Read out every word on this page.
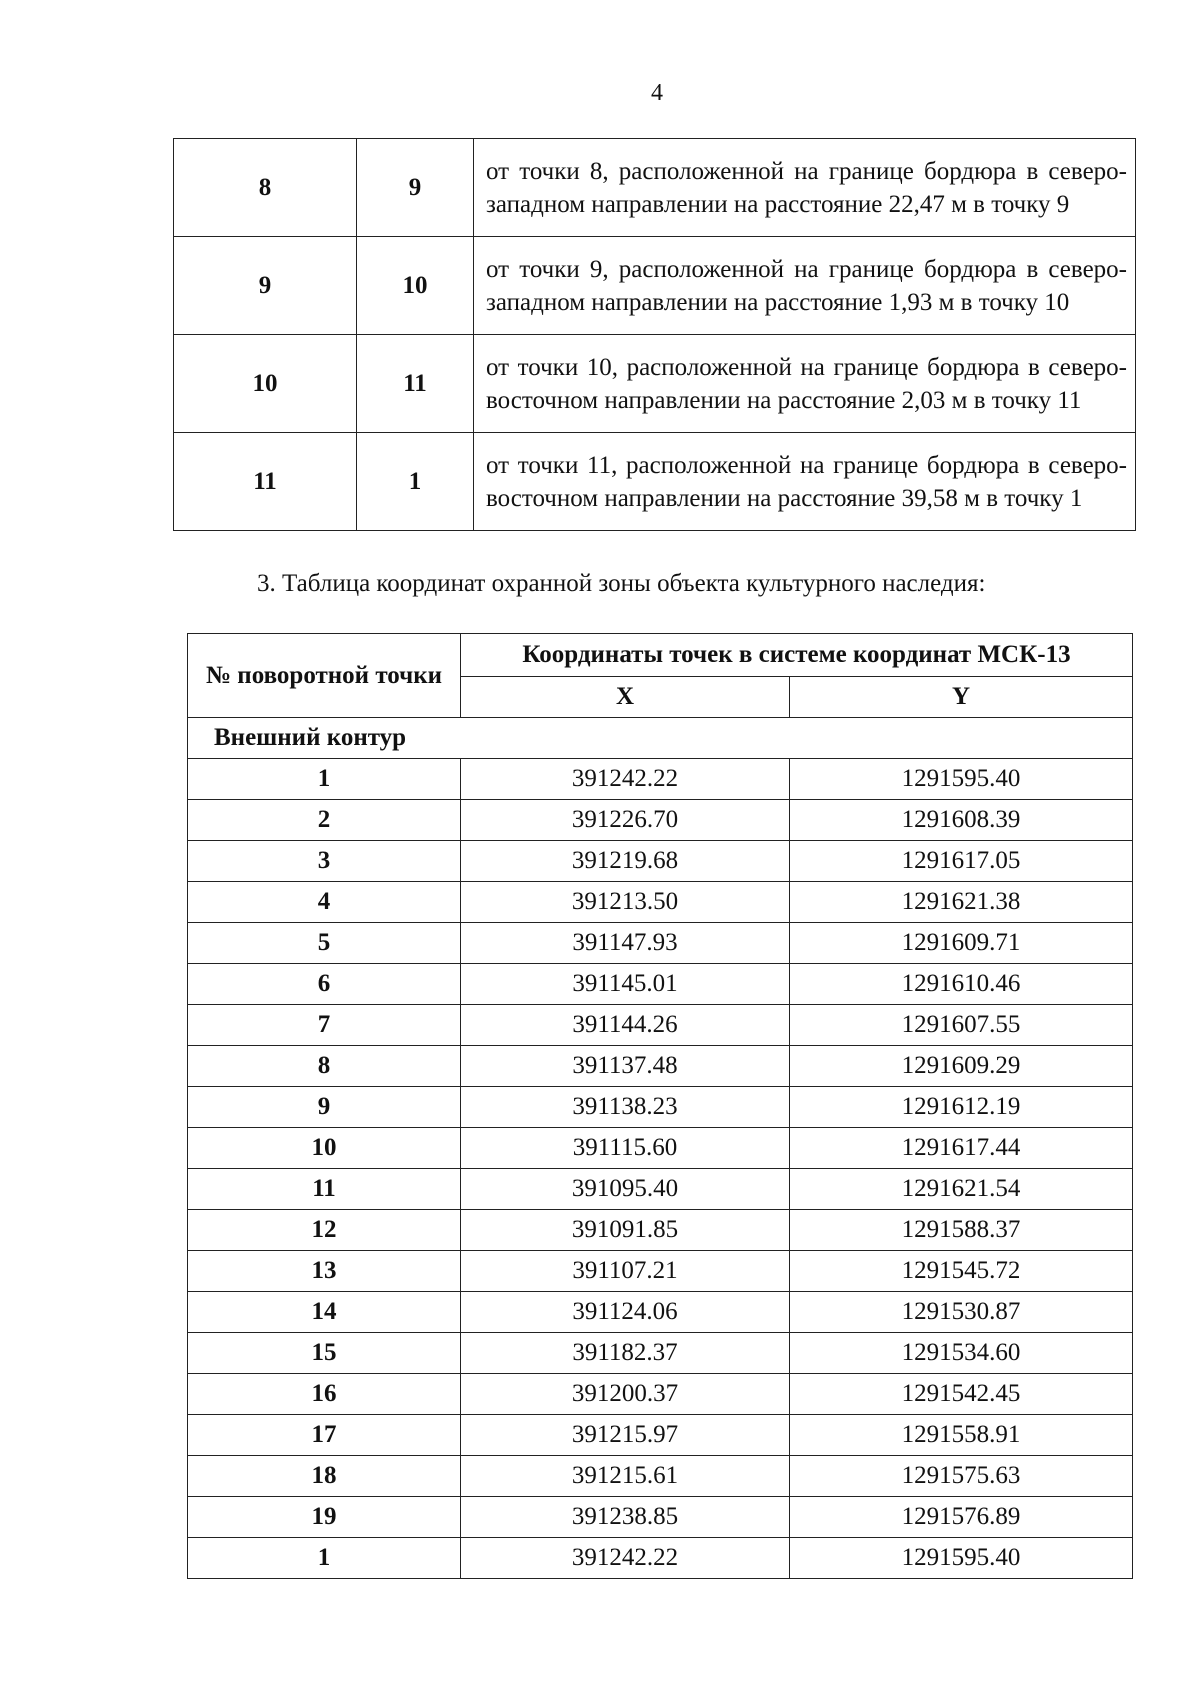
4
8	9	от точки 8, расположенной на границе бордюра в северо-западном направлении на расстояние 22,47 м в точку 9
9	10	от точки 9, расположенной на границе бордюра в северо-западном направлении на расстояние 1,93 м в точку 10
10	11	от точки 10, расположенной на границе бордюра в северо-восточном направлении на расстояние 2,03 м в точку 11
11	1	от точки 11, расположенной на границе бордюра в северо-восточном направлении на расстояние 39,58 м в точку 1
3. Таблица координат охранной зоны объекта культурного наследия:
№ поворотной точки	Координаты точек в системе координат МСК-13	
	X	Y
Внешний контур		
1	391242.22	1291595.40
2	391226.70	1291608.39
3	391219.68	1291617.05
4	391213.50	1291621.38
5	391147.93	1291609.71
6	391145.01	1291610.46
7	391144.26	1291607.55
8	391137.48	1291609.29
9	391138.23	1291612.19
10	391115.60	1291617.44
11	391095.40	1291621.54
12	391091.85	1291588.37
13	391107.21	1291545.72
14	391124.06	1291530.87
15	391182.37	1291534.60
16	391200.37	1291542.45
17	391215.97	1291558.91
18	391215.61	1291575.63
19	391238.85	1291576.89
1	391242.22	1291595.40
